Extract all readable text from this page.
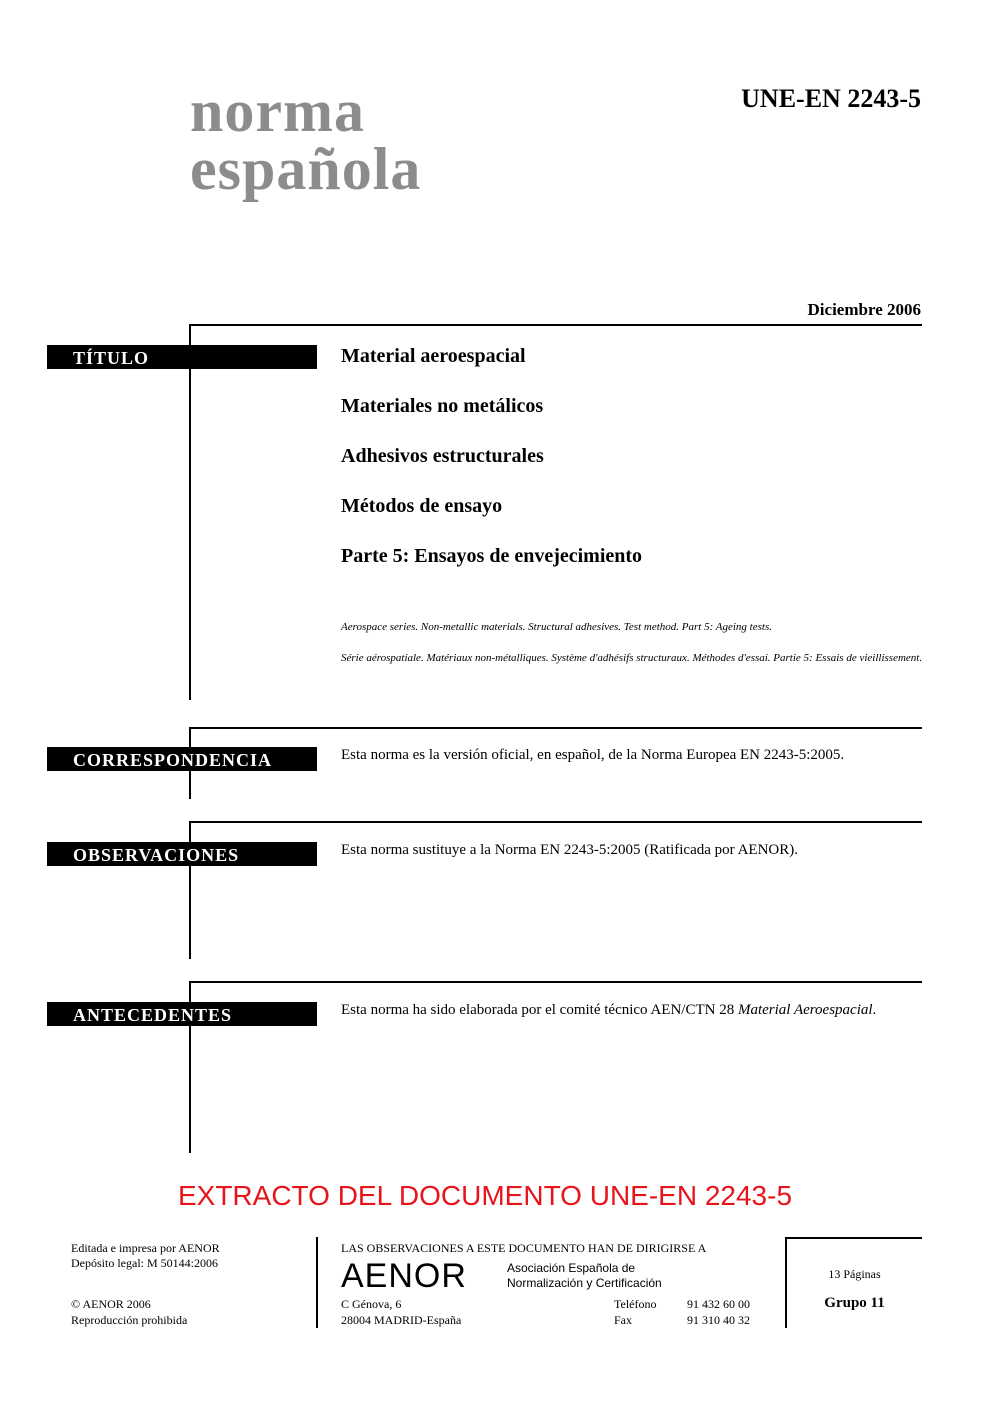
norma
española
UNE-EN 2243-5
Diciembre 2006
TÍTULO	Material aeroespacial
Materiales no metálicos
Adhesivos estructurales
Métodos de ensayo
Parte 5: Ensayos de envejecimiento
Aerospace series. Non-metallic materials. Structural adhesives. Test method. Part 5: Ageing tests.
Série aérospatiale. Matériaux non-métalliques. Système d'adhésifs structuraux. Méthodes d'essai. Partie 5: Essais de vieillissement.
CORRESPONDENCIA	Esta norma es la versión oficial, en español, de la Norma Europea EN 2243-5:2005.
OBSERVACIONES	Esta norma sustituye a la Norma EN 2243-5:2005 (Ratificada por AENOR).
ANTECEDENTES	Esta norma ha sido elaborada por el comité técnico AEN/CTN 28 Material Aeroespacial.
EXTRACTO DEL DOCUMENTO UNE-EN 2243-5
Editada e impresa por AENOR
Depósito legal: M 50144:2006
© AENOR 2006
Reproducción prohibida
LAS OBSERVACIONES A ESTE DOCUMENTO HAN DE DIRIGIRSE A
AENOR	Asociación Española de
Normalización y Certificación
C Génova, 6
28004 MADRID-España
Teléfono	91 432 60 00
Fax	91 310 40 32
13 Páginas
Grupo 11
